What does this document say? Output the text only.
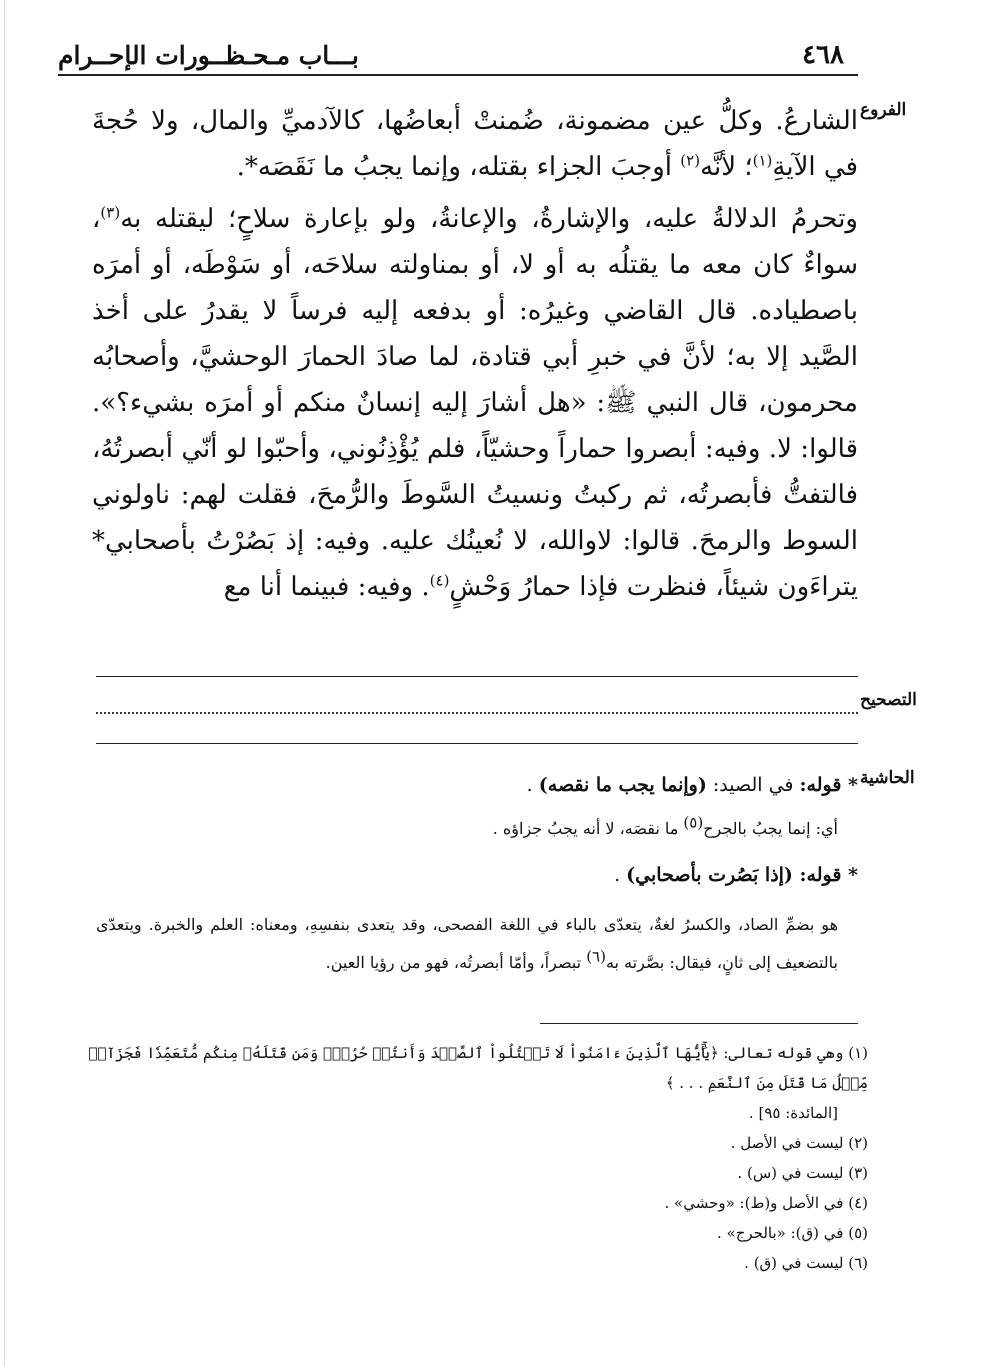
بـــاب مـحـظــورات الإحــرام	٤٦٨
الفروع
التصحيح
الحاشية

الشارعُ. وكلُّ عين مضمونة، ضُمنتْ أبعاضُها، كالآدميِّ والمال، ولا حُجةَ في الآيةِ$^{(١)}$؛ لأنَّه$^{(٢)}$ أوجبَ الجزاء بقتله، وإنما يجبُ ما نَقَصَه*.

وتحرمُ الدلالةُ عليه، والإشارةُ، والإعانةُ، ولو بإعارة سلاحٍ؛ ليقتله به$^{(٣)}$، سواءٌ كان معه ما يقتلُه به أو لا، أو بمناولته سلاحَه، أو سَوْطَه، أو أمرَه باصطياده. قال القاضي وغيرُه: أو بدفعه إليه فرساً لا يقدرُ على أخذ الصَّيد إلا به؛ لأنَّ في خبرِ أبي قتادة، لما صادَ الحمارَ الوحشيَّ، وأصحابُه محرمون، قال النبي ﷺ: «هل أشارَ إليه إنسانٌ منكم أو أمرَه بشيء؟». قالوا: لا. وفيه: أبصروا حماراً وحشيّاً، فلم يُؤْذِنُوني، وأحبّوا لو أنّي أبصرتُهُ، فالتفتُّ فأبصرتُه، ثم ركبتُ ونسيتُ السَّوطَ والرُّمحَ، فقلت لهم: ناولوني السوط والرمحَ. قالوا: لاوالله، لا نُعينُك عليه. وفيه: إذ بَصُرْتُ بأصحابي* يتراءَون شيئاً، فنظرت فإذا حمارُ وَحْشٍ$^{(٤)}$. وفيه: فبينما أنا مع

* قوله: في الصيد: (وإنما يجب ما نقصه) .

أي: إنما يجبُ بالجرح$^{(٥)}$ ما نقصَه، لا أنه يجبُ جزاؤه .

* قوله: (إذا بَصُرت بأصحابي) .

هو بضمِّ الصاد، والكسرُ لغةٌ، يتعدّى بالباء في اللغة الفصحى، وقد يتعدى بنفسِهِ، ومعناه: العلم والخبرة. ويتعدّى بالتضعيف إلى ثانٍ، فيقال: بصَّرته به$^{(٦)}$ تبصراً، وأمّا أبصرتُه، فهو من رؤيا العين.

(١) وهي قوله تعالى: ﴿يَٰٓأَيُّهَا ٱلَّذِينَ ءَامَنُواْ لَا تَقۡتُلُواْ ٱلصَّيۡدَ وَأَنتُمۡ حُرُمٞۚ وَمَن قَتَلَهُۥ مِنكُم مُّتَعَمِّدٗا فَجَزَآءٞ مِّثۡلُ مَا قَتَلَ مِنَ ٱلنَّعَمِ . . . ﴾

[المائدة: ٩٥] .

(٢) ليست في الأصل .

(٣) ليست في (س) .

(٤) في الأصل و(ط): «وحشي» .

(٥) في (ق): «بالحرج» .

(٦) ليست في (ق) .
